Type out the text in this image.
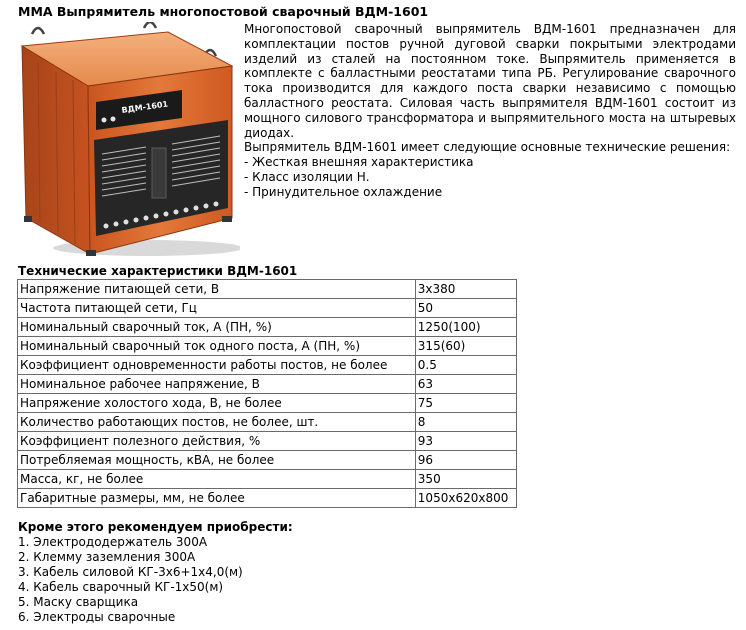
ММА Выпрямитель многопостовой сварочный ВДМ-1601
ВДМ-1601

Многопостовой сварочный выпрямитель ВДМ-1601 предназначен для комплектации постов ручной дуговой сварки покрытыми электродами изделий из сталей на постоянном токе. Выпрямитель применяется в комплекте с балластными реостатами типа РБ. Регулирование сварочного тока производится для каждого поста сварки независимо с помощью балластного реостата. Силовая часть выпрямителя ВДМ-1601 состоит из мощного силового трансформатора и выпрямительного моста на штыревых диодах.

Выпрямитель ВДМ-1601 имеет следующие основные технические решения:

- Жесткая внешняя характеристика
- Класс изоляции Н.
- Принудительное охлаждение
Технические характеристики ВДМ-1601
Напряжение питающей сети, В	3х380
Частота питающей сети, Гц	50
Номинальный сварочный ток, А (ПН, %)	1250(100)
Номинальный сварочный ток одного поста, А (ПН, %)	315(60)
Коэффициент одновременности работы постов, не более	0.5
Номинальное рабочее напряжение, В	63
Напряжение холостого хода, В, не более	75
Количество работающих постов, не более, шт.	8
Коэффициент полезного действия, %	93
Потребляемая мощность, кВА, не более	96
Масса, кг, не более	350
Габаритные размеры, мм, не более	1050х620х800
Кроме этого рекомендуем приобрести:
1. Электрододержатель 300А
2. Клемму заземления 300А
3. Кабель силовой КГ-3х6+1х4,0(м)
4. Кабель сварочный КГ-1х50(м)
5. Маску сварщика
6. Электроды сварочные
